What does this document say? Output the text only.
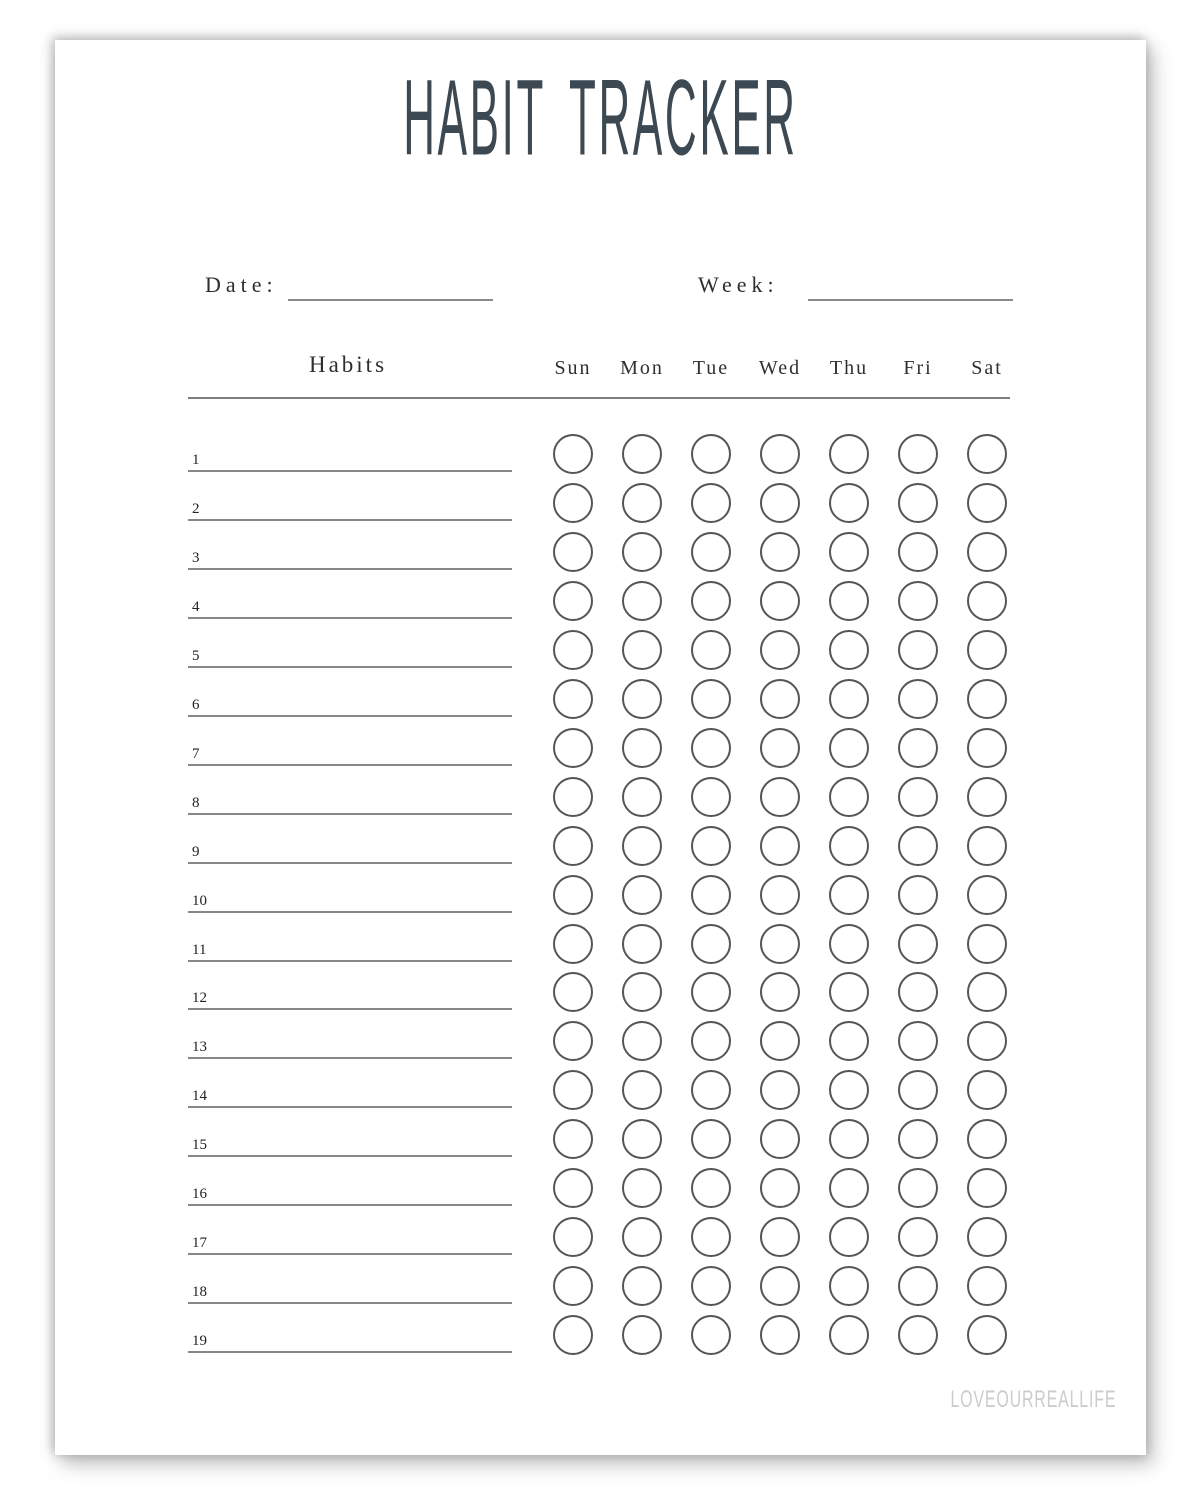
HABIT TRACKER
Date:	Week:
Habits	Sun	Mon	Tue	Wed	Thu	Fri	Sat
1
2
3
4
5
6
7
8
9
10
11
12
13
14
15
16
17
18
19
LOVEOURREALLIFE
